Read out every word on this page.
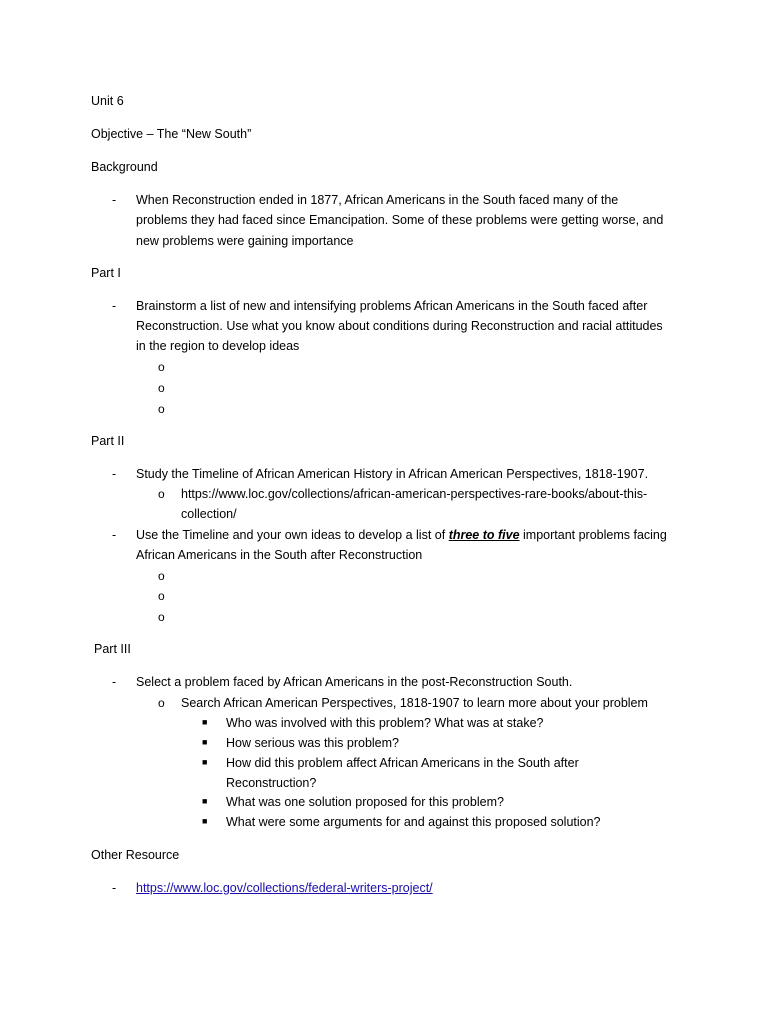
Unit 6
Objective – The “New South”
Background
- When Reconstruction ended in 1877, African Americans in the South faced many of the
problems they had faced since Emancipation. Some of these problems were getting worse, and
new problems were gaining importance
Part I
- Brainstorm a list of new and intensifying problems African Americans in the South faced after
Reconstruction. Use what you know about conditions during Reconstruction and racial attitudes
in the region to develop ideas
o
o
o
Part II
- Study the Timeline of African American History in African American Perspectives, 1818-1907.
o https://www.loc.gov/collections/african-american-perspectives-rare-books/about-this-
collection/
- Use the Timeline and your own ideas to develop a list of three to five important problems facing
African Americans in the South after Reconstruction
o
o
o
Part III
- Select a problem faced by African Americans in the post-Reconstruction South.
o Search African American Perspectives, 1818-1907 to learn more about your problem
■ Who was involved with this problem? What was at stake?
■ How serious was this problem?
■ How did this problem affect African Americans in the South after
Reconstruction?
■ What was one solution proposed for this problem?
■ What were some arguments for and against this proposed solution?
Other Resource
- https://www.loc.gov/collections/federal-writers-project/
